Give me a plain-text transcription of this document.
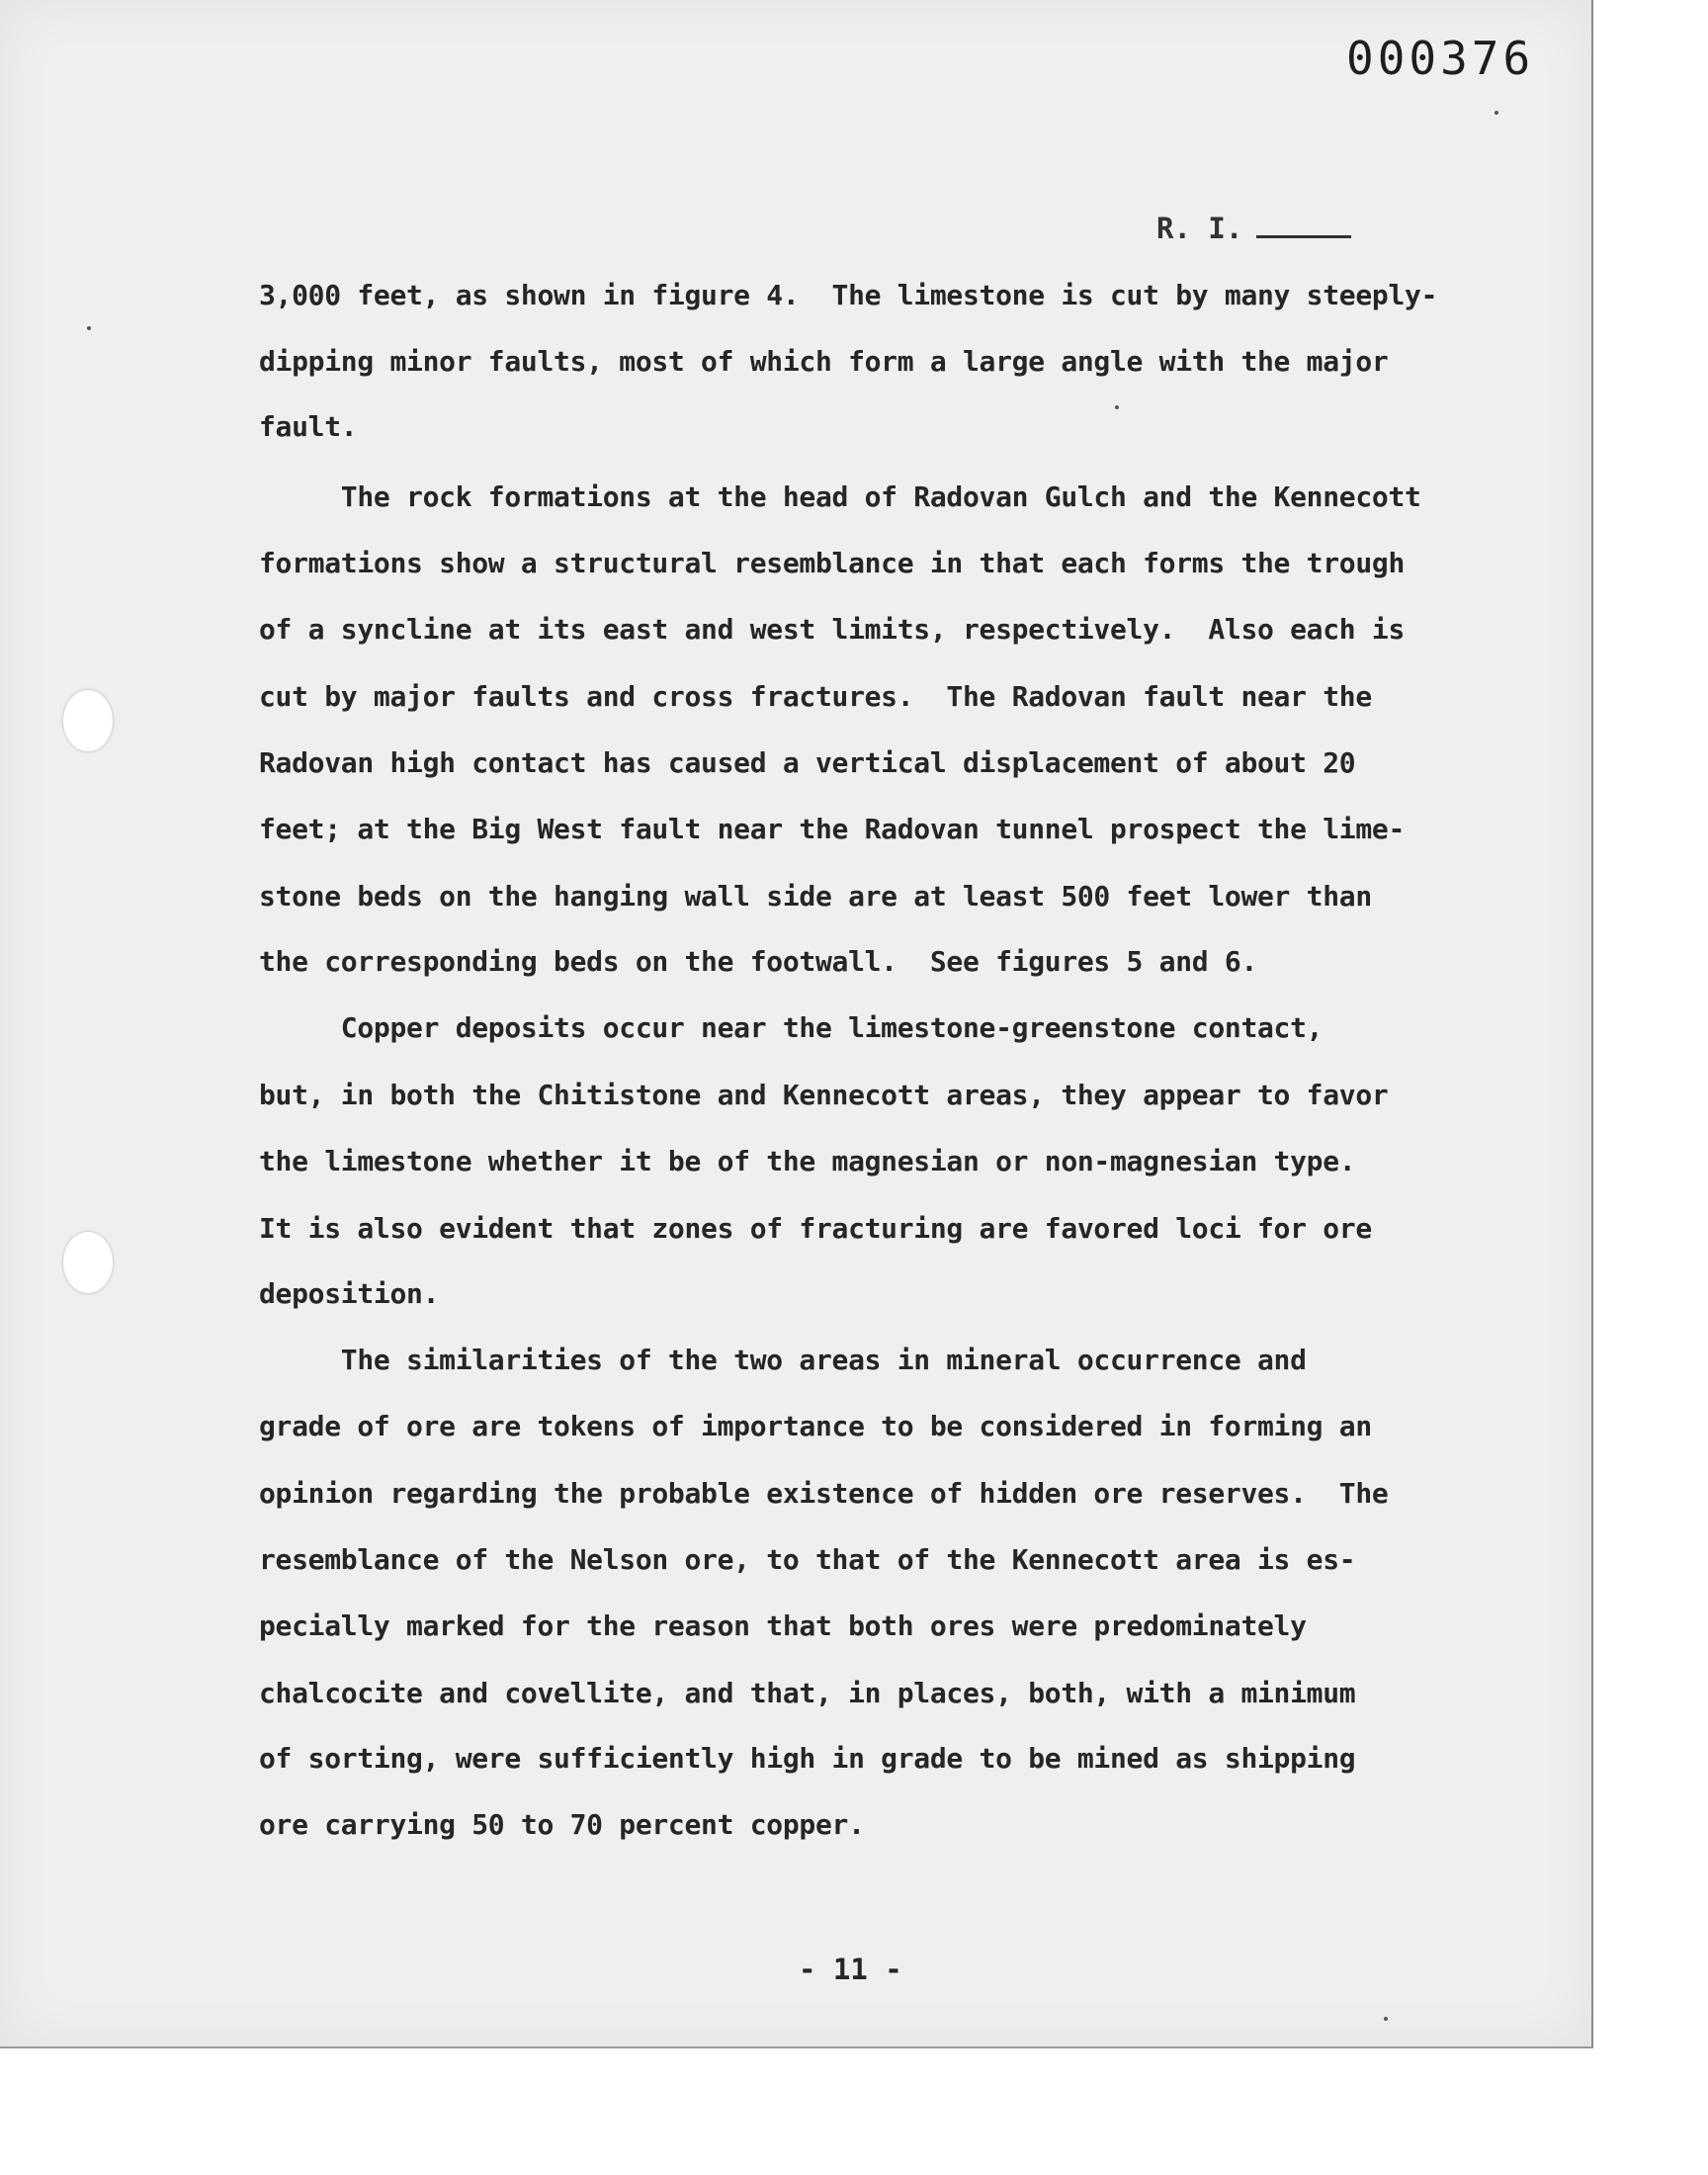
000376
R. I.
3,000 feet, as shown in figure 4.  The limestone is cut by many steeply-
dipping minor faults, most of which form a large angle with the major
fault.
The rock formations at the head of Radovan Gulch and the Kennecott
formations show a structural resemblance in that each forms the trough
of a syncline at its east and west limits, respectively.  Also each is
cut by major faults and cross fractures.  The Radovan fault near the
Radovan high contact has caused a vertical displacement of about 20
feet; at the Big West fault near the Radovan tunnel prospect the lime-
stone beds on the hanging wall side are at least 500 feet lower than
the corresponding beds on the footwall.  See figures 5 and 6.
Copper deposits occur near the limestone-greenstone contact,
but, in both the Chitistone and Kennecott areas, they appear to favor
the limestone whether it be of the magnesian or non-magnesian type.
It is also evident that zones of fracturing are favored loci for ore
deposition.
The similarities of the two areas in mineral occurrence and
grade of ore are tokens of importance to be considered in forming an
opinion regarding the probable existence of hidden ore reserves.  The
resemblance of the Nelson ore, to that of the Kennecott area is es-
pecially marked for the reason that both ores were predominately
chalcocite and covellite, and that, in places, both, with a minimum
of sorting, were sufficiently high in grade to be mined as shipping
ore carrying 50 to 70 percent copper.
- 11 -
